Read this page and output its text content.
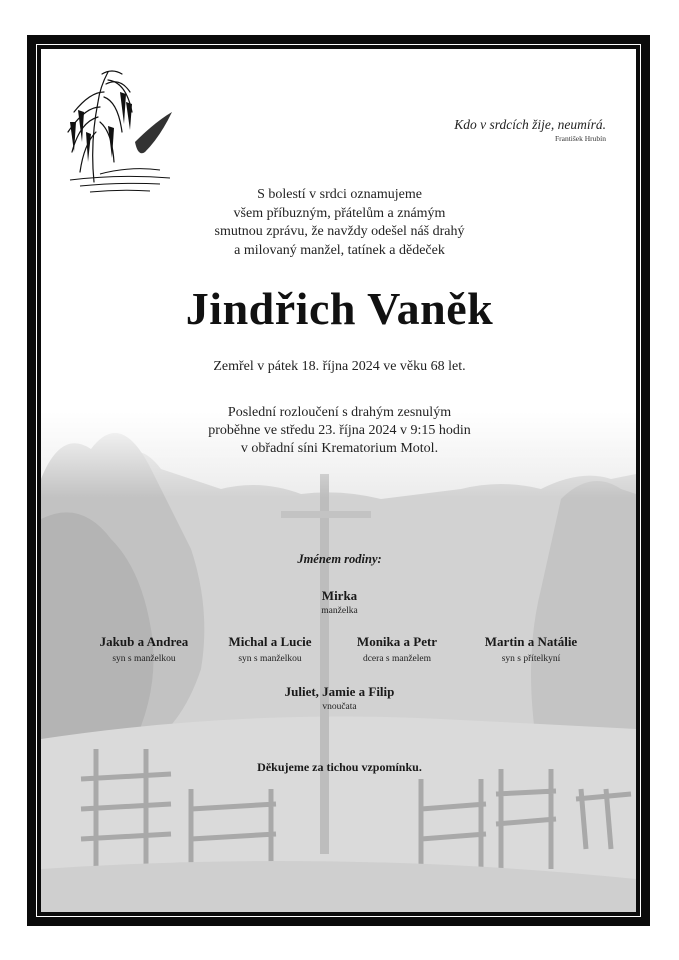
Kdo v srdcích žije, neumírá.
František Hrubín
S bolestí v srdci oznamujeme
všem příbuzným, přátelům a známým
smutnou zprávu, že navždy odešel náš drahý
a milovaný manžel, tatínek a dědeček
Jindřich Vaněk
Zemřel v pátek 18. října 2024 ve věku 68 let.
Poslední rozloučení s drahým zesnulým
proběhne ve středu 23. října 2024 v 9:15 hodin
v obřadní síni Krematorium Motol.
Jménem rodiny:
Mirka
manželka
Jakub a Andrea
syn s manželkou
Michal a Lucie
syn s manželkou
Monika a Petr
dcera s manželem
Martin a Natálie
syn s přítelkyní
Juliet, Jamie a Filip
vnoučata
Děkujeme za tichou vzpomínku.
